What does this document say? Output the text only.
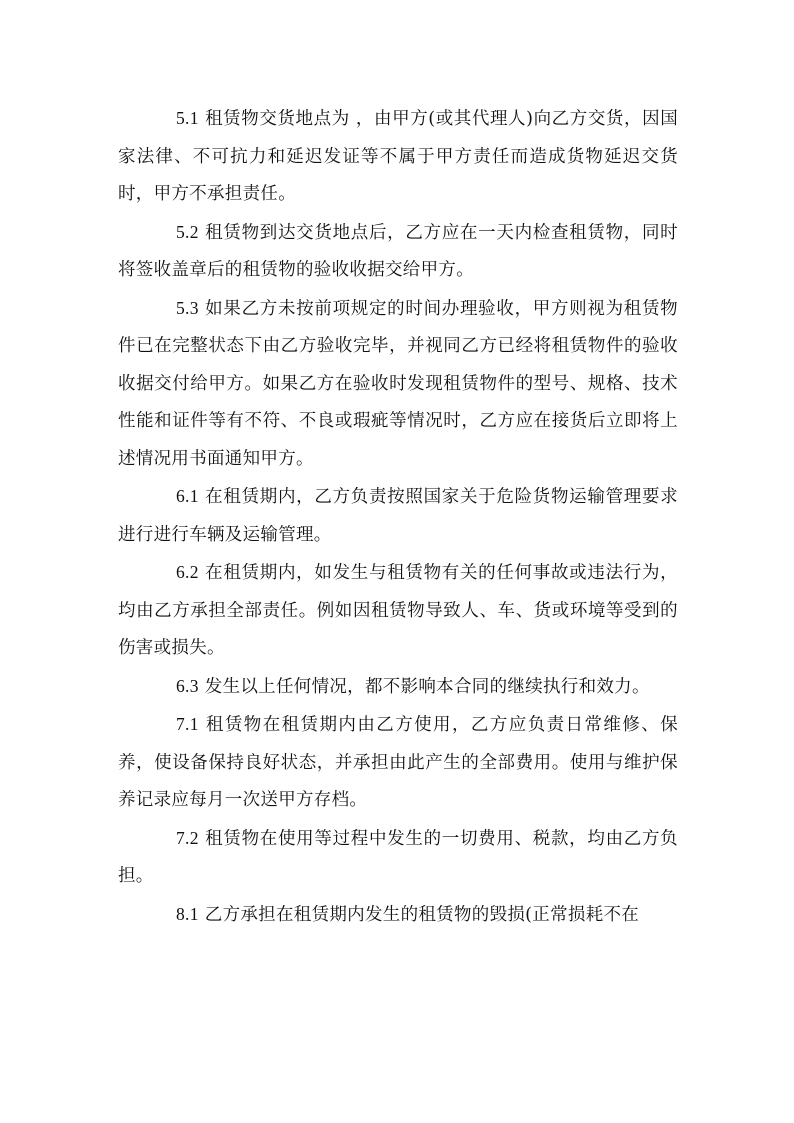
5.1 租赁物交货地点为 ，由甲方(或其代理人)向乙方交货，因国家法律、不可抗力和延迟发证等不属于甲方责任而造成货物延迟交货时，甲方不承担责任。

5.2 租赁物到达交货地点后，乙方应在一天内检查租赁物，同时将签收盖章后的租赁物的验收收据交给甲方。

5.3 如果乙方未按前项规定的时间办理验收，甲方则视为租赁物件已在完整状态下由乙方验收完毕，并视同乙方已经将租赁物件的验收收据交付给甲方。如果乙方在验收时发现租赁物件的型号、规格、技术性能和证件等有不符、不良或瑕疵等情况时，乙方应在接货后立即将上述情况用书面通知甲方。

6.1 在租赁期内，乙方负责按照国家关于危险货物运输管理要求进行进行车辆及运输管理。

6.2 在租赁期内，如发生与租赁物有关的任何事故或违法行为，均由乙方承担全部责任。例如因租赁物导致人、车、货或环境等受到的伤害或损失。

6.3 发生以上任何情况，都不影响本合同的继续执行和效力。

7.1 租赁物在租赁期内由乙方使用，乙方应负责日常维修、保养，使设备保持良好状态，并承担由此产生的全部费用。使用与维护保养记录应每月一次送甲方存档。

7.2 租赁物在使用等过程中发生的一切费用、税款，均由乙方负担。

8.1 乙方承担在租赁期内发生的租赁物的毁损(正常损耗不在
